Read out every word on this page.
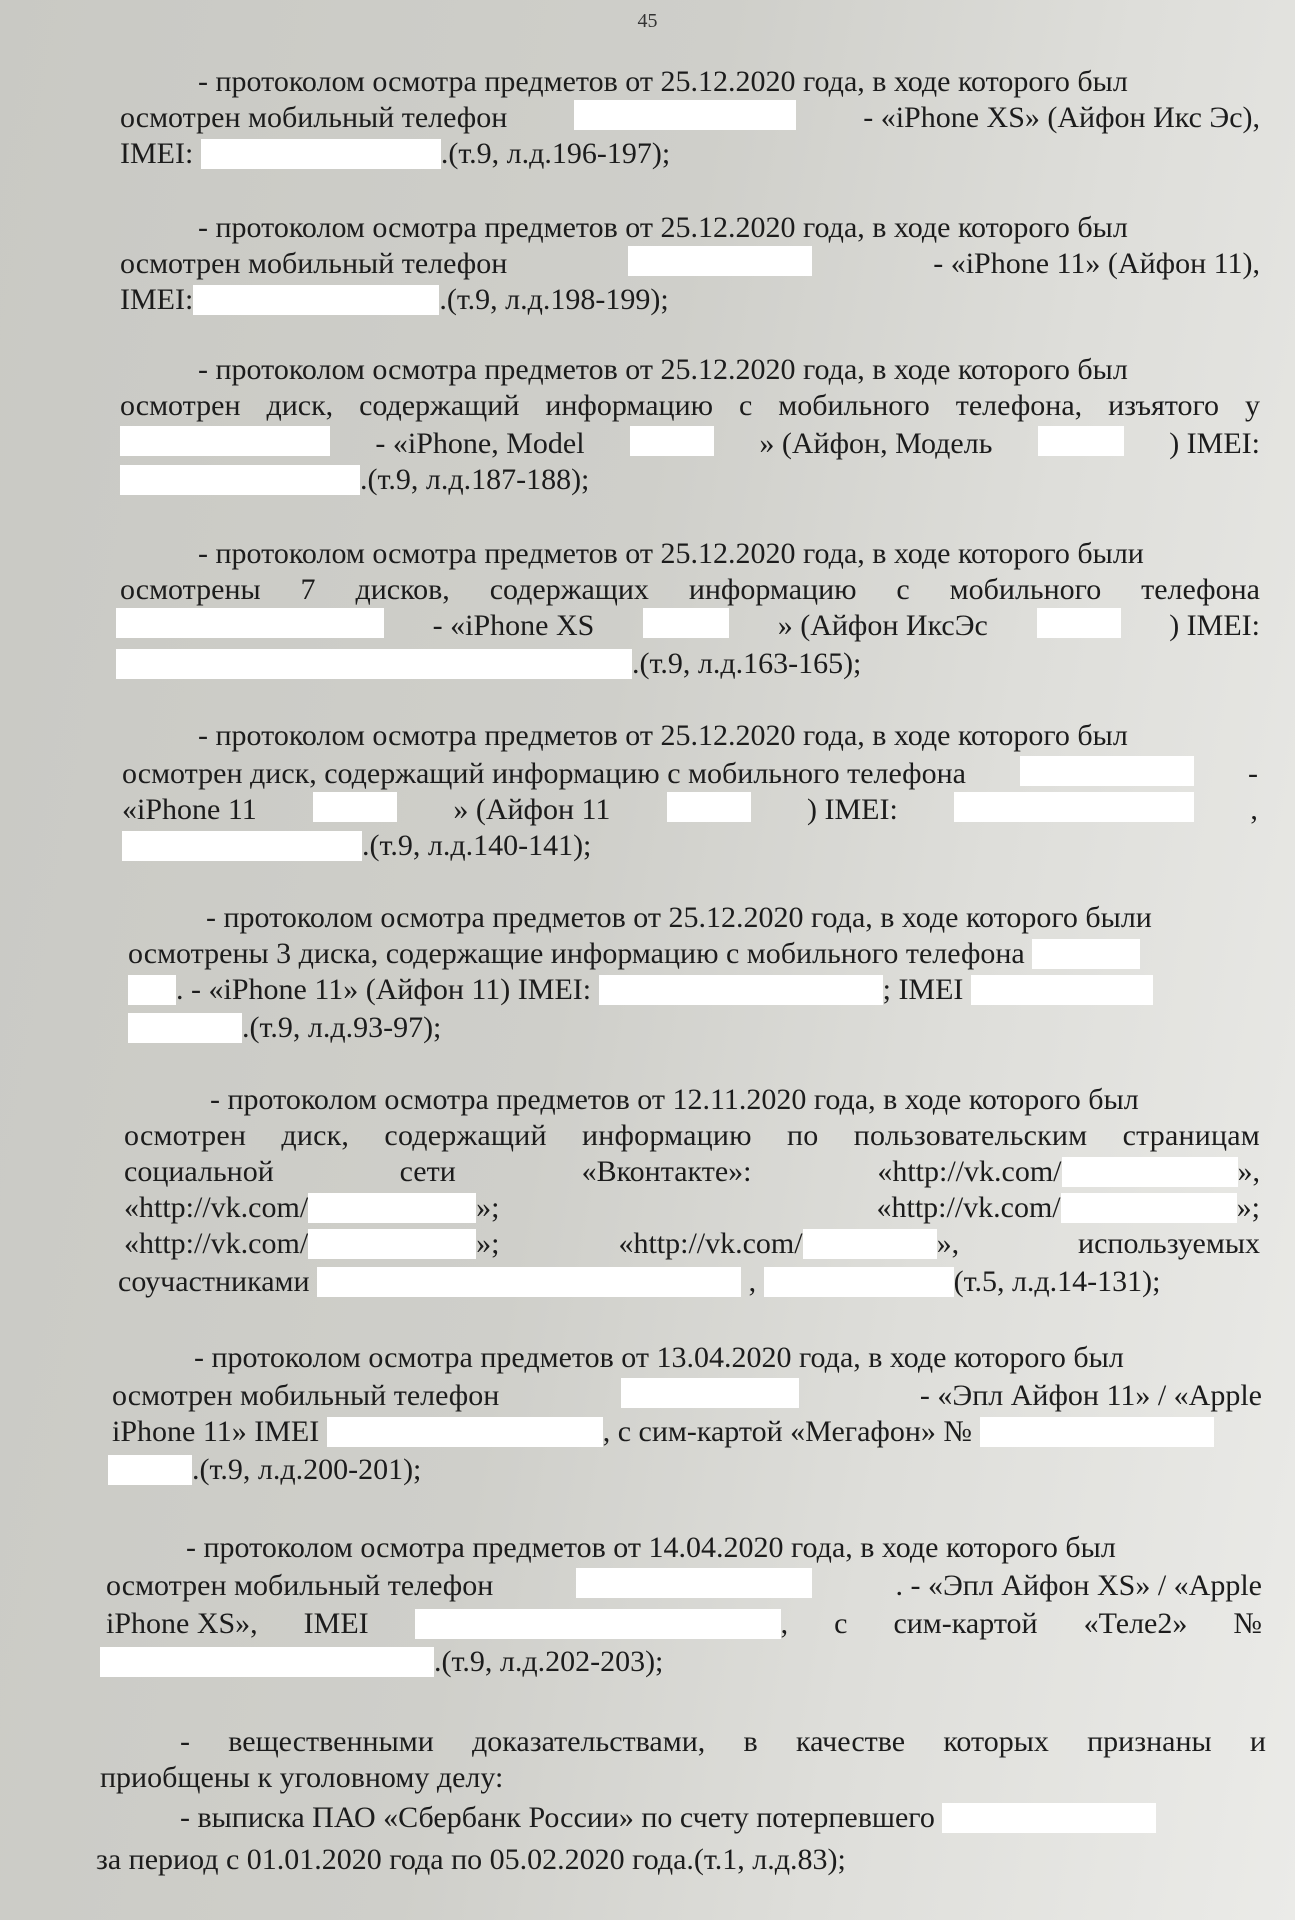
45
- протоколом осмотра предметов от 25.12.2020 года, в ходе которого был
осмотрен мобильный телефон	- «iPhone XS» (Айфон Икс Эс),
IMEI:	.(т.9, л.д.196-197);
- протоколом осмотра предметов от 25.12.2020 года, в ходе которого был
осмотрен мобильный телефон	- «iPhone 11» (Айфон 11),
IMEI:	.(т.9, л.д.198-199);
- протоколом осмотра предметов от 25.12.2020 года, в ходе которого был
осмотрен диск, содержащий информацию с мобильного телефона, изъятого у
- «iPhone, Model	» (Айфон, Модель	) IMEI:
.(т.9, л.д.187-188);
- протоколом осмотра предметов от 25.12.2020 года, в ходе которого были
осмотрены 7 дисков, содержащих информацию с мобильного телефона
- «iPhone XS	» (Айфон ИксЭс	) IMEI:
.(т.9, л.д.163-165);
- протоколом осмотра предметов от 25.12.2020 года, в ходе которого был
осмотрен диск, содержащий информацию с мобильного телефона	-
«iPhone 11	» (Айфон 11	) IMEI:	,
.(т.9, л.д.140-141);
- протоколом осмотра предметов от 25.12.2020 года, в ходе которого были
осмотрены 3 диска, содержащие информацию с мобильного телефона
. - «iPhone 11» (Айфон 11) IMEI:	; IMEI
.(т.9, л.д.93-97);
- протоколом осмотра предметов от 12.11.2020 года, в ходе которого был
осмотрен диск, содержащий информацию по пользовательским страницам
социальной	сети	«Вконтакте»:	«http://vk.com/	»,
«http://vk.com/	»;	«http://vk.com/	»;
«http://vk.com/	»;	«http://vk.com/	»,	используемых
соучастниками	,	(т.5, л.д.14-131);
- протоколом осмотра предметов от 13.04.2020 года, в ходе которого был
осмотрен мобильный телефон	- «Эпл Айфон 11» / «Apple
iPhone 11» IMEI	, с сим-картой «Мегафон» №
.(т.9, л.д.200-201);
- протоколом осмотра предметов от 14.04.2020 года, в ходе которого был
осмотрен мобильный телефон	. - «Эпл Айфон XS» / «Apple
iPhone XS», IMEI	, с сим-картой «Теле2» №
.(т.9, л.д.202-203);
- вещественными доказательствами, в качестве которых признаны и
приобщены к уголовному делу:
- выписка ПАО «Сбербанк России» по счету потерпевшего
за период с 01.01.2020 года по 05.02.2020 года.(т.1, л.д.83);
